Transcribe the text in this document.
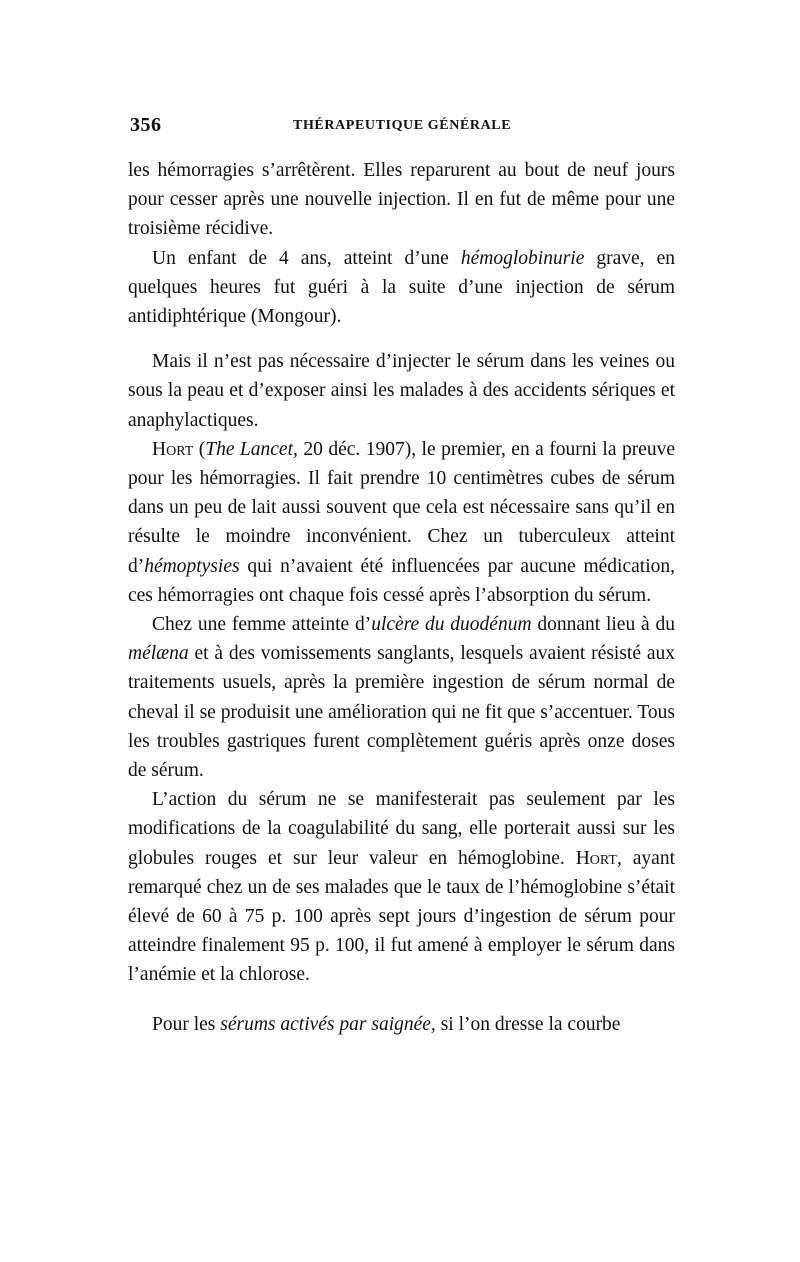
356	THÉRAPEUTIQUE GÉNÉRALE

les hémorragies s’arrêtèrent. Elles reparurent au bout de neuf jours pour cesser après une nouvelle injection. Il en fut de même pour une troisième récidive.

Un enfant de 4 ans, atteint d’une hémoglobinurie grave, en quelques heures fut guéri à la suite d’une injection de sérum antidiphtérique (Mongour).

Mais il n’est pas nécessaire d’injecter le sérum dans les veines ou sous la peau et d’exposer ainsi les malades à des accidents sériques et anaphylactiques.

Hort (The Lancet, 20 déc. 1907), le premier, en a fourni la preuve pour les hémorragies. Il fait prendre 10 centimètres cubes de sérum dans un peu de lait aussi souvent que cela est nécessaire sans qu’il en résulte le moindre inconvénient. Chez un tuberculeux atteint d’hémoptysies qui n’avaient été influencées par aucune médication, ces hémorragies ont chaque fois cessé après l’absorption du sérum.

Chez une femme atteinte d’ulcère du duodénum donnant lieu à du mélæna et à des vomissements sanglants, lesquels avaient résisté aux traitements usuels, après la première ingestion de sérum normal de cheval il se produisit une amélioration qui ne fit que s’accentuer. Tous les troubles gastriques furent complètement guéris après onze doses de sérum.

L’action du sérum ne se manifesterait pas seulement par les modifications de la coagulabilité du sang, elle porterait aussi sur les globules rouges et sur leur valeur en hémoglobine. Hort, ayant remarqué chez un de ses malades que le taux de l’hémoglobine s’était élevé de 60 à 75 p. 100 après sept jours d’ingestion de sérum pour atteindre finalement 95 p. 100, il fut amené à employer le sérum dans l’anémie et la chlorose.

Pour les sérums activés par saignée, si l’on dresse la courbe
